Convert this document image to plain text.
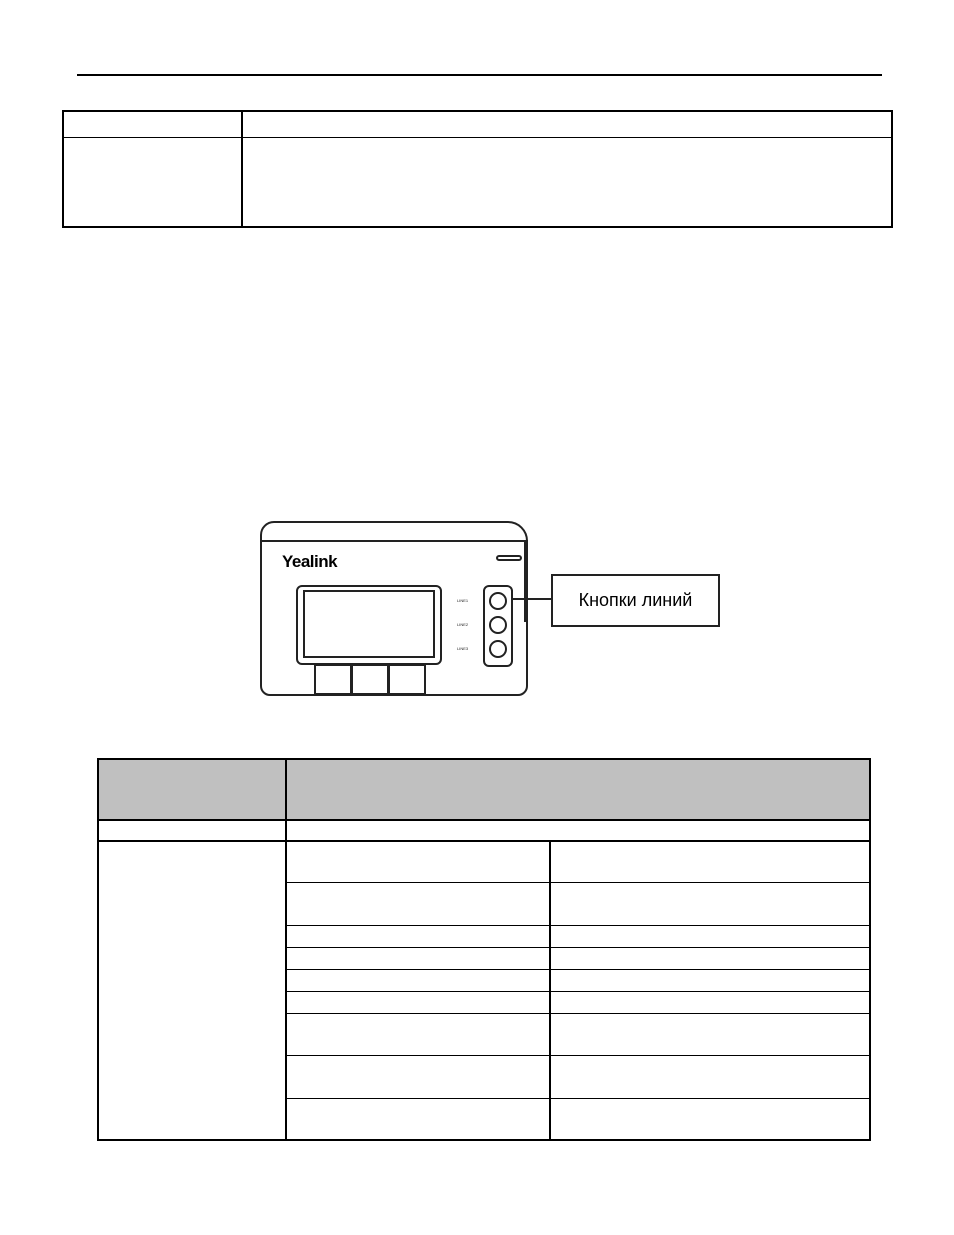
Yealink
LINE1
LINE2
LINE3
Кнопки линий
